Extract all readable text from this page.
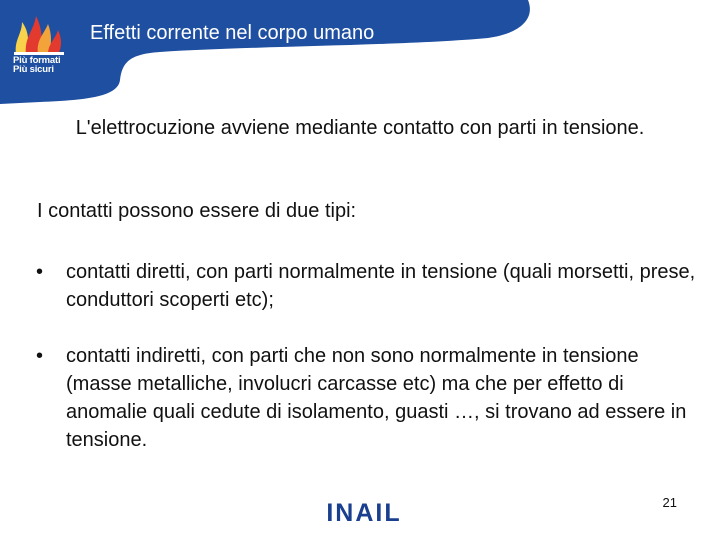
Più formati
Più sicuri
Effetti corrente nel corpo umano
L'elettrocuzione avviene mediante contatto con parti in tensione.
I contatti possono essere di due tipi:
•	contatti diretti, con parti normalmente in tensione (quali morsetti, prese, conduttori scoperti etc);
•	contatti indiretti, con parti che non sono normalmente in tensione (masse metalliche, involucri carcasse etc) ma che per effetto di anomalie quali cedute di isolamento, guasti …, si trovano ad essere in tensione.
INAIL	21
